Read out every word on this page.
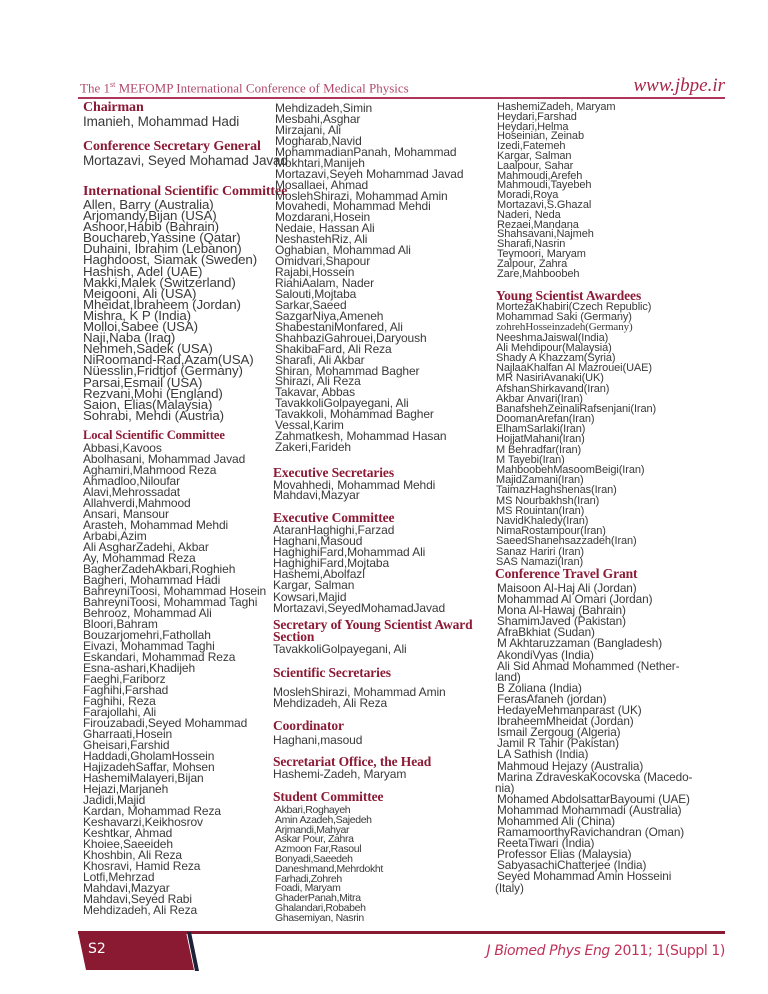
The 1st MEFOMP International Conference of Medical Physics	www.jbpe.ir
Chairman
Imanieh, Mohammad Hadi
Conference Secretary General
Mortazavi, Seyed Mohamad Javad
International Scientific Committee
Allen, Barry (Australia)
Arjomandy,Bijan (USA)
Ashoor,Habib (Bahrain)
Bouchareb,Yassine (Qatar)
Duhaini, Ibrahim (Lebanon)
Haghdoost, Siamak (Sweden)
Hashish, Adel (UAE)
Makki,Malek (Switzerland)
Meigooni, Ali (USA)
Mheidat,Ibraheem (Jordan)
Mishra, K P (India)
Molloi,Sabee (USA)
Naji,Naba (Iraq)
Nehmeh,Sadek (USA)
NiRoomand-Rad,Azam(USA)
Nüesslin,Fridtjof (Germany)
Parsai,Esmail (USA)
Rezvani,Mohi (England)
Saion, Elias(Malaysia)
Sohrabi, Mehdi (Austria)
Local Scientific Committee
Abbasi,Kavoos
Abolhasani, Mohammad Javad
Aghamiri,Mahmood Reza
Ahmadloo,Niloufar
Alavi,Mehrossadat
Allahverdi,Mahmood
Ansari, Mansour
Arasteh, Mohammad Mehdi
Arbabi,Azim
Ali AsgharZadehi, Akbar
Ay, Mohammad Reza
BagherZadehAkbari,Roghieh
Bagheri, Mohammad Hadi
BahreyniToosi, Mohammad Hosein
BahreyniToosi, Mohammad Taghi
Behrooz, Mohammad Ali
Bloori,Bahram
Bouzarjomehri,Fathollah
Eivazi, Mohammad Taghi
Eskandari, Mohammad Reza
Esna-ashari,Khadijeh
Faeghi,Fariborz
Faghihi,Farshad
Faghihi, Reza
Farajollahi, Ali
Firouzabadi,Seyed Mohammad
Gharraati,Hosein
Gheisari,Farshid
Haddadi,GholamHossein
HajizadehSaffar, Mohsen
HashemiMalayeri,Bijan
Hejazi,Marjaneh
Jadidi,Majid
Kardan, Mohammad Reza
Keshavarzi,Keikhosrov
Keshtkar, Ahmad
Khoiee,Saeeideh
Khoshbin, Ali Reza
Khosravi, Hamid Reza
Lotfi,Mehrzad
Mahdavi,Mazyar
Mahdavi,Seyed Rabi
Mehdizadeh, Ali Reza
Mehdizadeh,Simin
Mesbahi,Asghar
Mirzajani, Ali
Mogharab,Navid
MohammadianPanah, Mohammad
Mokhtari,Manijeh
Mortazavi,Seyeh Mohammad Javad
Mosallaei, Ahmad
MoslehShirazi, Mohammad Amin
Movahedi, Mohammad Mehdi
Mozdarani,Hosein
Nedaie, Hassan Ali
NeshastehRiz, Ali
Oghabian, Mohammad Ali
Omidvari,Shapour
Rajabi,Hossein
RiahiAalam, Nader
Salouti,Mojtaba
Sarkar,Saeed
SazgarNiya,Ameneh
ShabestaniMonfared, Ali
ShahbaziGahrouei,Daryoush
ShakibaFard, Ali Reza
Sharafi, Ali Akbar
Shiran, Mohammad Bagher
Shirazi, Ali Reza
Takavar, Abbas
TavakkoliGolpayegani, Ali
Tavakkoli, Mohammad Bagher
Vessal,Karim
Zahmatkesh, Mohammad Hasan
Zakeri,Farideh
Executive Secretaries
Movahhedi, Mohammad Mehdi
Mahdavi,Mazyar
Executive Committee
AtaranHaghighi,Farzad
Haghani,Masoud
HaghighiFard,Mohammad Ali
HaghighiFard,Mojtaba
Hashemi,Abolfazl
Kargar, Salman
Kowsari,Majid
Mortazavi,SeyedMohamadJavad
Secretary of Young Scientist Award
Section
TavakkoliGolpayegani, Ali
Scientific Secretaries
MoslehShirazi, Mohammad Amin
Mehdizadeh, Ali Reza
Coordinator
Haghani,masoud
Secretariat Office, the Head
Hashemi-Zadeh, Maryam
Student Committee
Akbari,Roghayeh
Amin Azadeh,Sajedeh
Arjmandi,Mahyar
Askar Pour, Zahra
Azmoon Far,Rasoul
Bonyadi,Saeedeh
Daneshmand,Mehrdokht
Farhadi,Zohreh
Foadi, Maryam
GhaderPanah,Mitra
Ghalandari,Robabeh
Ghasemiyan, Nasrin
HashemiZadeh, Maryam
Heydari,Farshad
Heydari,Helma
Hoseinian, Zeinab
Izedi,Fatemeh
Kargar, Salman
Laalpour, Sahar
Mahmoudi,Arefeh
Mahmoudi,Tayebeh
Moradi,Roya
Mortazavi,S.Ghazal
Naderi, Neda
Rezaei,Mandana
Shahsavani,Najmeh
Sharafi,Nasrin
Teymoori, Maryam
Zalpour, Zahra
Zare,Mahboobeh
Young Scientist Awardees
MortezaKhabiri(Czech Republic)
Mohammad Saki (Germany)
zohrehHosseinzadeh(Germany)
NeeshmaJaiswal(India)
Ali Mehdipour(Malaysia)
Shady A Khazzam(Syria)
NajlaaKhalfan Al Mazrouei(UAE)
MR NasiriAvanaki(UK)
AfshanShirkavand(Iran)
Akbar Anvari(Iran)
BanafshehZeinaliRafsenjani(Iran)
DoomanArefan(Iran)
ElhamSarlaki(Iran)
HojjatMahani(Iran)
M Behradfar(Iran)
M Tayebi(Iran)
MahboobehMasoomBeigi(Iran)
MajidZamani(Iran)
TaimazHaghshenas(Iran)
MS Nourbakhsh(Iran)
MS Rouintan(Iran)
NavidKhaledy(Iran)
NimaRostampour(Iran)
SaeedShanehsazzadeh(Iran)
Sanaz Hariri (Iran)
SAS Namazi(Iran)
Conference Travel Grant
Maisoon Al-Haj Ali (Jordan)
Mohammad Al Omari (Jordan)
Mona Al-Hawaj (Bahrain)
ShamimJaved (Pakistan)
AfraBkhiat (Sudan)
M Akhtaruzzaman (Bangladesh)
AkondiVyas (India)
Ali Sid Ahmad Mohammed (Nether-
land)
B Zoliana (India)
FerasAfaneh (jordan)
HedayeMehmanparast (UK)
IbraheemMheidat (Jordan)
Ismail Zergoug (Algeria)
Jamil R Tahir (Pakistan)
LA Sathish (India)
Mahmoud Hejazy (Australia)
Marina ZdraveskaKocovska (Macedo-
nia)
Mohamed AbdolsattarBayoumi (UAE)
Mohammad Mohammadi (Australia)
Mohammed Ali (China)
RamamoorthyRavichandran (Oman)
ReetaTiwari (India)
Professor Elias (Malaysia)
SabyasachiChatterjee (India)
Seyed Mohammad Amin Hosseini
(Italy)
S2	J Biomed Phys Eng 2011; 1(Suppl 1)
